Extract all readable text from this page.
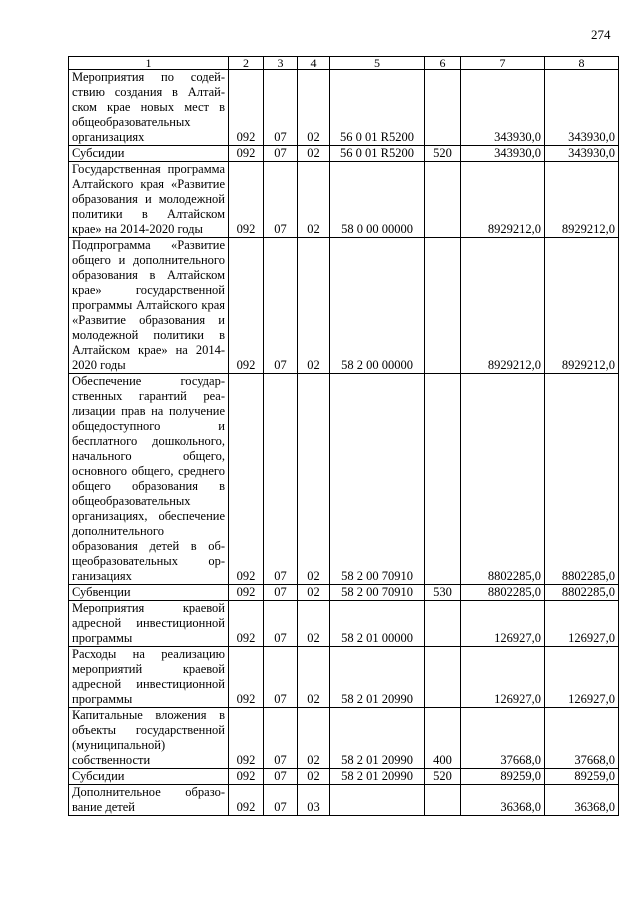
274
1	2	3	4	5	6	7	8
Мероприятия по содействию создания в Алтайском крае новых мест в общеобразовательных организациях	092	07	02	56 0 01 R5200		343930,0	343930,0
Субсидии	092	07	02	56 0 01 R5200	520	343930,0	343930,0
Государственная программа Алтайского края «Развитие образования и молодежной политики в Алтайском крае» на 2014-2020 годы	092	07	02	58 0 00 00000		8929212,0	8929212,0
Подпрограмма «Развитие общего и дополнительного образования в Алтайском крае» государственной программы Алтайского края «Развитие образования и молодежной политики в Алтайском крае» на 2014-2020 годы	092	07	02	58 2 00 00000		8929212,0	8929212,0
Обеспечение государственных гарантий реализации прав на получение общедоступного и бесплатного дошкольного, начального общего, основного общего, среднего общего образования в общеобразовательных организациях, обеспечение дополнительного образования детей в общеобразовательных организациях	092	07	02	58 2 00 70910		8802285,0	8802285,0
Субвенции	092	07	02	58 2 00 70910	530	8802285,0	8802285,0
Мероприятия краевой адресной инвестиционной программы	092	07	02	58 2 01 00000		126927,0	126927,0
Расходы на реализацию мероприятий краевой адресной инвестиционной программы	092	07	02	58 2 01 20990		126927,0	126927,0
Капитальные вложения в объекты государственной (муниципальной) собственности	092	07	02	58 2 01 20990	400	37668,0	37668,0
Субсидии	092	07	02	58 2 01 20990	520	89259,0	89259,0
Дополнительное образование детей	092	07	03			36368,0	36368,0
